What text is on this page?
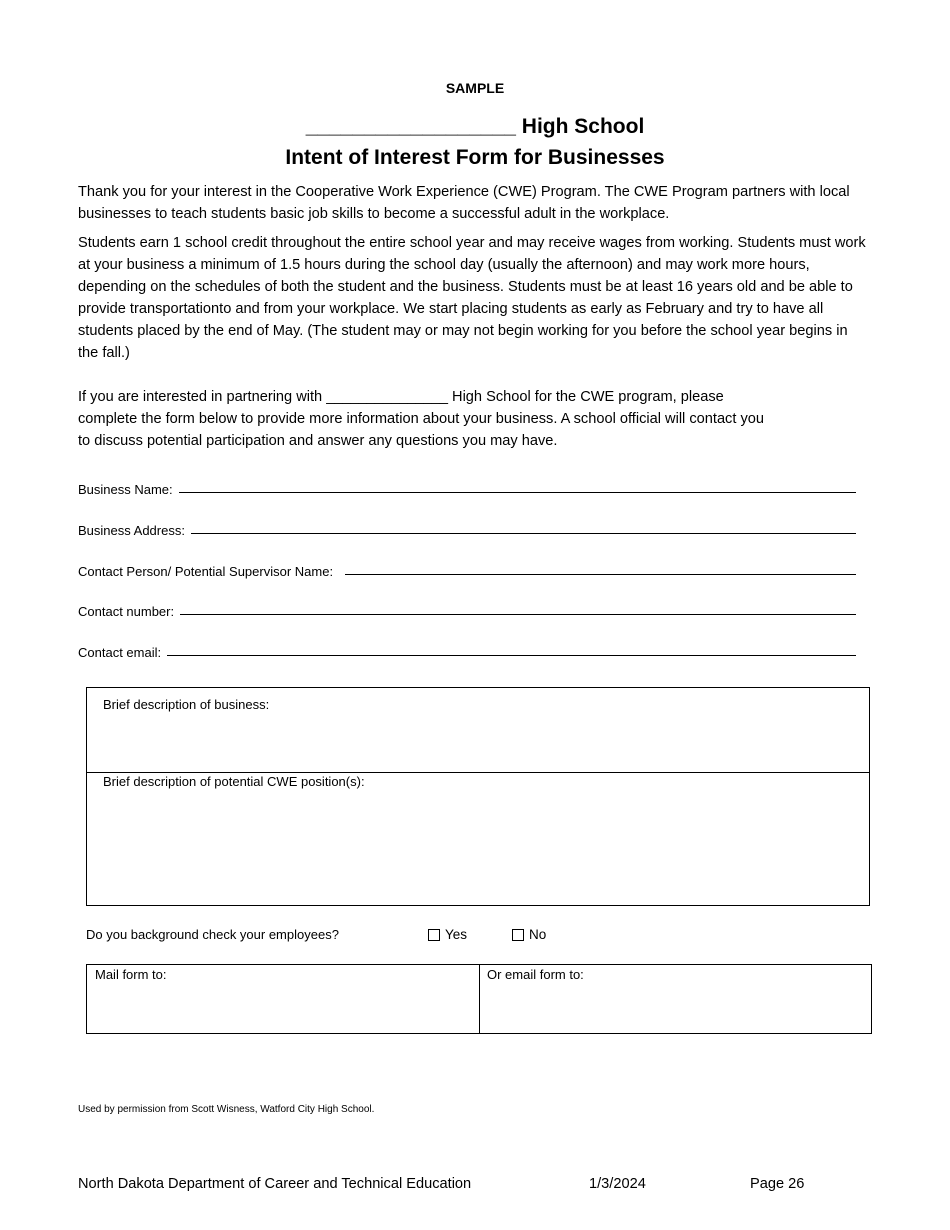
SAMPLE
__________________ High School
Intent of Interest Form for Businesses
Thank you for your interest in the Cooperative Work Experience (CWE) Program. The CWE Program partners with local businesses to teach students basic job skills to become a successful adult in the workplace.
Students earn 1 school credit throughout the entire school year and may receive wages from working. Students must work at your business a minimum of 1.5 hours during the school day (usually the afternoon) and may work more hours, depending on the schedules of both the student and the business. Students must be at least 16 years old and be able to provide transportationto and from your workplace. We start placing students as early as February and try to have all students placed by the end of May. (The student may or may not begin working for you before the school year begins in the fall.)
If you are interested in partnering with _______________ High School for the CWE program, please
complete the form below to provide more information about your business. A school official will contact you
to discuss potential participation and answer any questions you may have.
Business Name:
Business Address:
Contact Person/ Potential Supervisor Name:
Contact number:
Contact email:
Brief description of business:
Brief description of potential CWE position(s):
Do you background check your employees?	Yes	No
Mail form to:	Or email form to:
Used by permission from Scott Wisness, Watford City High School.
North Dakota Department of Career and Technical Education	1/3/2024	Page 26
